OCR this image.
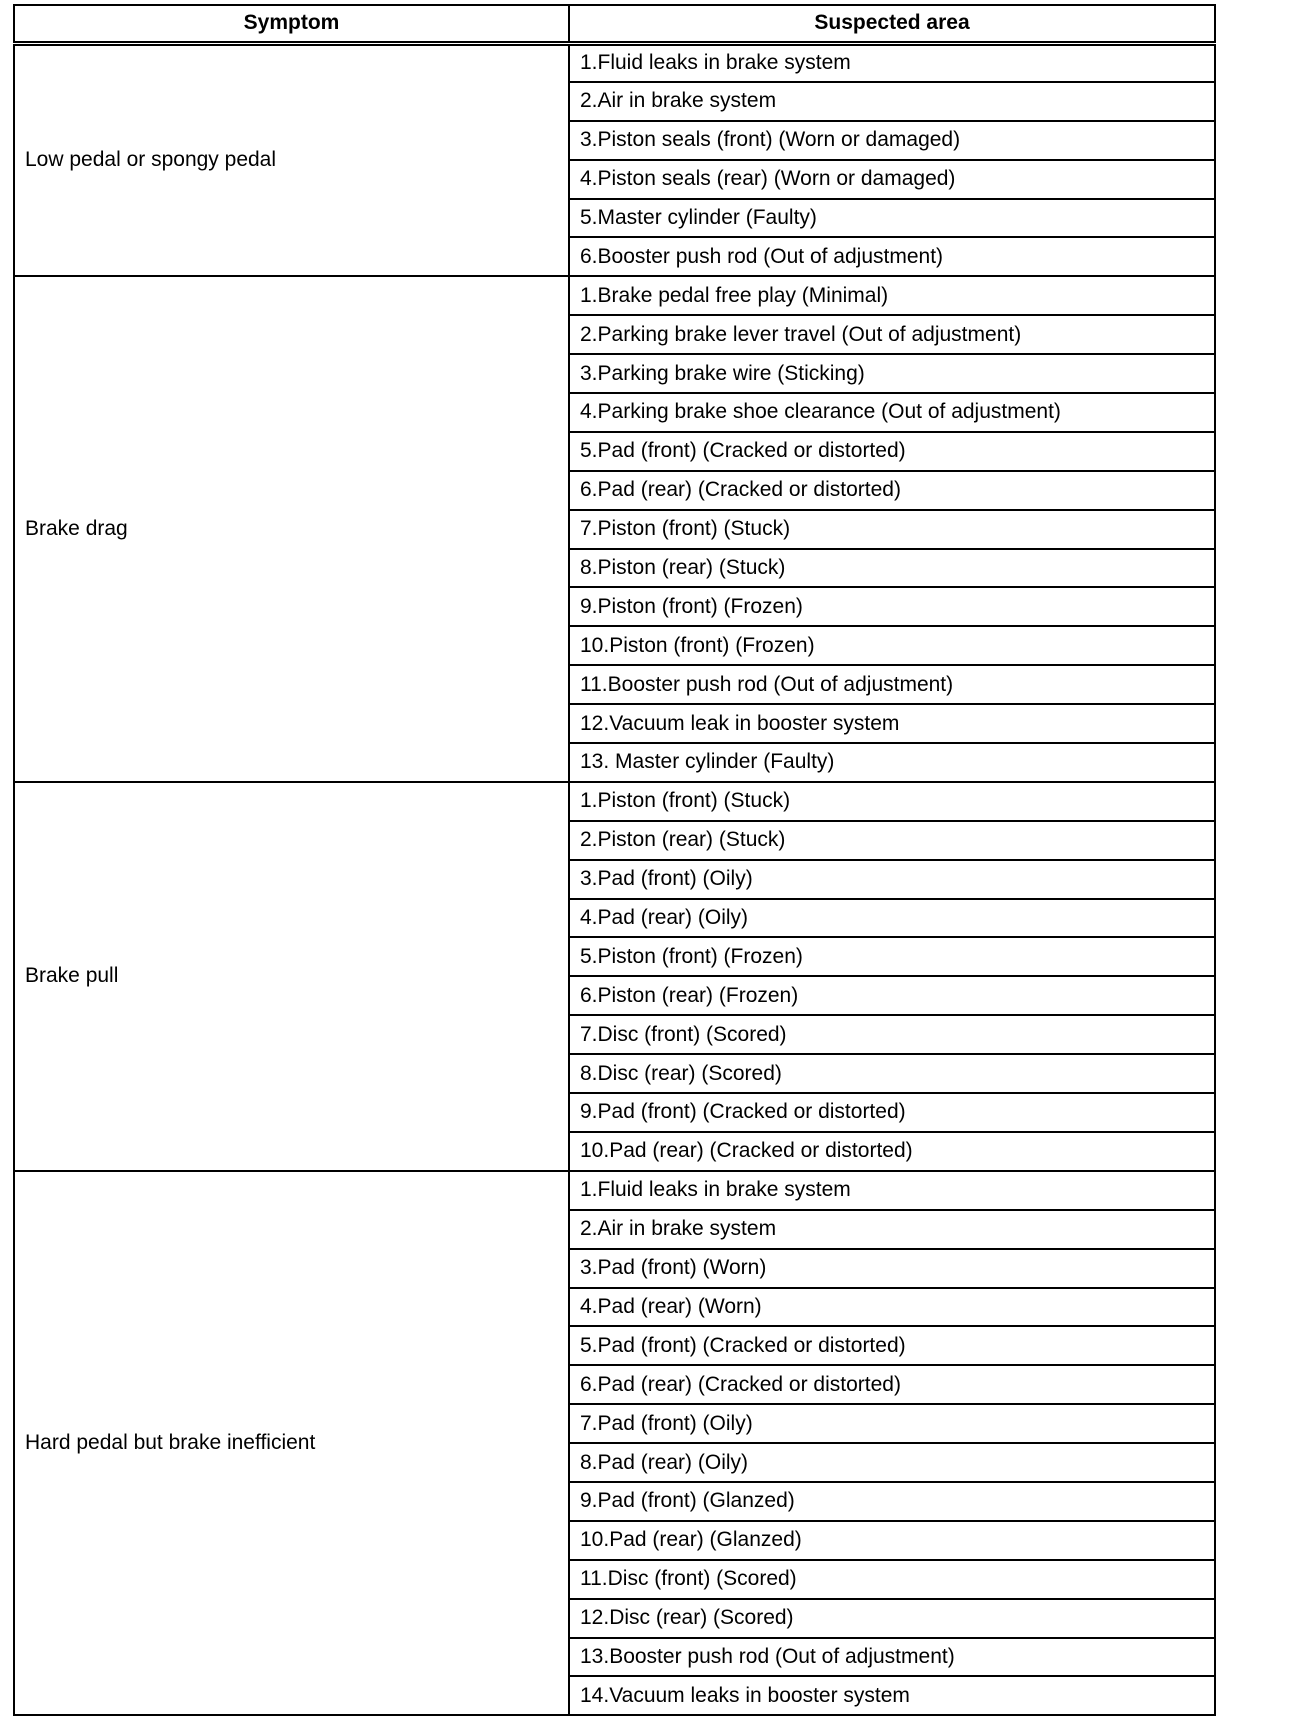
Symptom	Suspected area
Low pedal or spongy pedal	1.Fluid leaks in brake system
	2.Air in brake system
	3.Piston seals (front) (Worn or damaged)
	4.Piston seals (rear) (Worn or damaged)
	5.Master cylinder (Faulty)
	6.Booster push rod (Out of adjustment)
Brake drag	1.Brake pedal free play (Minimal)
	2.Parking brake lever travel (Out of adjustment)
	3.Parking brake wire (Sticking)
	4.Parking brake shoe clearance (Out of adjustment)
	5.Pad (front) (Cracked or distorted)
	6.Pad (rear) (Cracked or distorted)
	7.Piston (front) (Stuck)
	8.Piston (rear) (Stuck)
	9.Piston (front) (Frozen)
	10.Piston (front) (Frozen)
	11.Booster push rod (Out of adjustment)
	12.Vacuum leak in booster system
	13. Master cylinder (Faulty)
Brake pull	1.Piston (front) (Stuck)
	2.Piston (rear) (Stuck)
	3.Pad (front) (Oily)
	4.Pad (rear) (Oily)
	5.Piston (front) (Frozen)
	6.Piston (rear) (Frozen)
	7.Disc (front) (Scored)
	8.Disc (rear) (Scored)
	9.Pad (front) (Cracked or distorted)
	10.Pad (rear) (Cracked or distorted)
Hard pedal but brake inefficient	1.Fluid leaks in brake system
	2.Air in brake system
	3.Pad (front) (Worn)
	4.Pad (rear) (Worn)
	5.Pad (front) (Cracked or distorted)
	6.Pad (rear) (Cracked or distorted)
	7.Pad (front) (Oily)
	8.Pad (rear) (Oily)
	9.Pad (front) (Glanzed)
	10.Pad (rear) (Glanzed)
	11.Disc (front) (Scored)
	12.Disc (rear) (Scored)
	13.Booster push rod (Out of adjustment)
	14.Vacuum leaks in booster system
